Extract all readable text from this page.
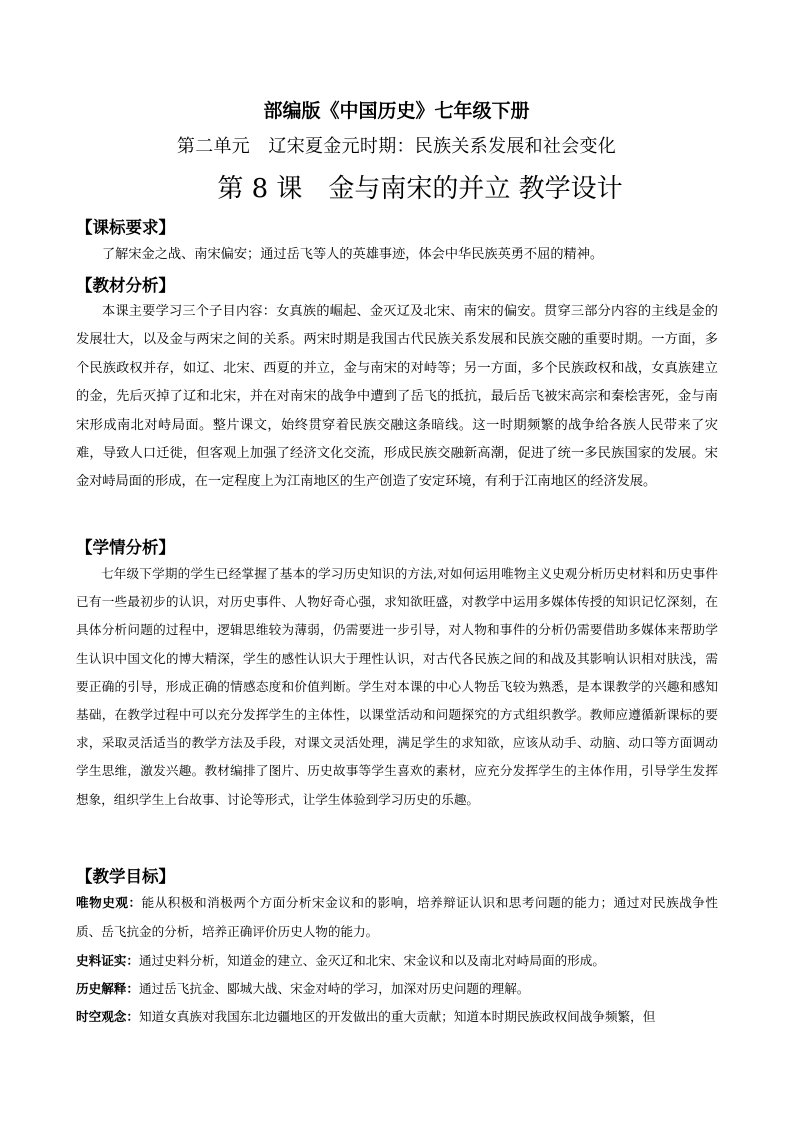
部编版《中国历史》七年级下册
第二单元　辽宋夏金元时期：民族关系发展和社会变化
第 8 课　金与南宋的并立 教学设计
【课标要求】

了解宋金之战、南宋偏安；通过岳飞等人的英雄事迹，体会中华民族英勇不屈的精神。

【教材分析】

本课主要学习三个子目内容：女真族的崛起、金灭辽及北宋、南宋的偏安。贯穿三部分内容的主线是金的发展壮大，以及金与两宋之间的关系。两宋时期是我国古代民族关系发展和民族交融的重要时期。一方面，多个民族政权并存，如辽、北宋、西夏的并立，金与南宋的对峙等；另一方面，多个民族政权和战，女真族建立的金，先后灭掉了辽和北宋，并在对南宋的战争中遭到了岳飞的抵抗，最后岳飞被宋高宗和秦桧害死，金与南宋形成南北对峙局面。整片课文，始终贯穿着民族交融这条暗线。这一时期频繁的战争给各族人民带来了灾难，导致人口迁徙，但客观上加强了经济文化交流，形成民族交融新高潮，促进了统一多民族国家的发展。宋金对峙局面的形成，在一定程度上为江南地区的生产创造了安定环境，有利于江南地区的经济发展。

【学情分析】

七年级下学期的学生已经掌握了基本的学习历史知识的方法,对如何运用唯物主义史观分析历史材料和历史事件已有一些最初步的认识，对历史事件、人物好奇心强，求知欲旺盛，对教学中运用多媒体传授的知识记忆深刻，在具体分析问题的过程中，逻辑思维较为薄弱，仍需要进一步引导，对人物和事件的分析仍需要借助多媒体来帮助学生认识中国文化的博大精深，学生的感性认识大于理性认识，对古代各民族之间的和战及其影响认识相对肤浅，需要正确的引导，形成正确的情感态度和价值判断。学生对本课的中心人物岳飞较为熟悉，是本课教学的兴趣和感知基础，在教学过程中可以充分发挥学生的主体性，以课堂活动和问题探究的方式组织教学。教师应遵循新课标的要求，采取灵活适当的教学方法及手段，对课文灵活处理，满足学生的求知欲，应该从动手、动脑、动口等方面调动学生思维，激发兴趣。教材编排了图片、历史故事等学生喜欢的素材，应充分发挥学生的主体作用，引导学生发挥想象，组织学生上台故事、讨论等形式，让学生体验到学习历史的乐趣。

【教学目标】

唯物史观：能从积极和消极两个方面分析宋金议和的影响，培养辩证认识和思考问题的能力；通过对民族战争性质、岳飞抗金的分析，培养正确评价历史人物的能力。

史料证实：通过史料分析，知道金的建立、金灭辽和北宋、宋金议和以及南北对峙局面的形成。

历史解释：通过岳飞抗金、郾城大战、宋金对峙的学习，加深对历史问题的理解。

时空观念：知道女真族对我国东北边疆地区的开发做出的重大贡献；知道本时期民族政权间战争频繁，但
